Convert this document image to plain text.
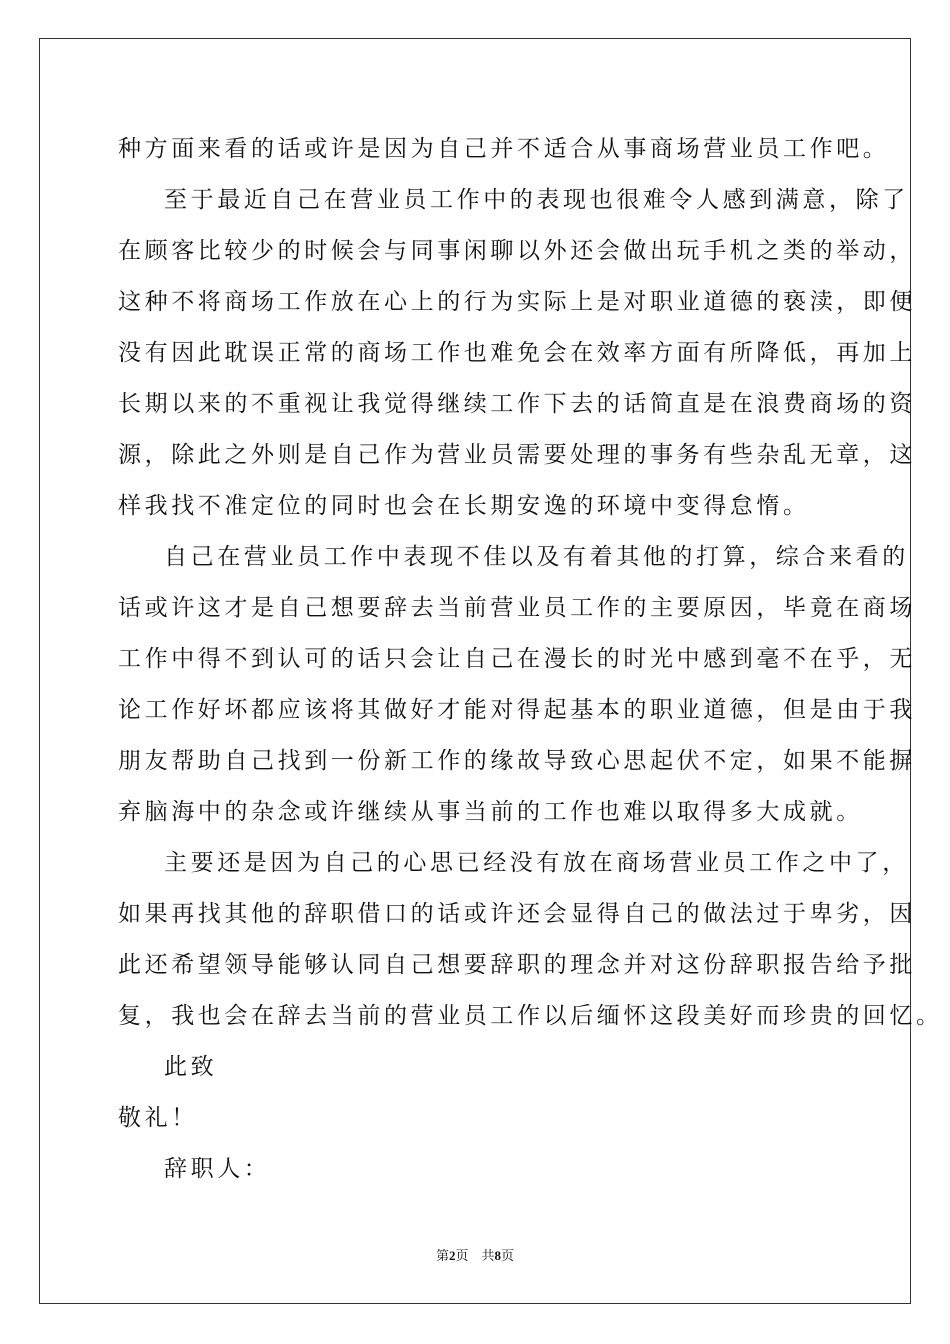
种方面来看的话或许是因为自己并不适合从事商场营业员工作吧。
至于最近自己在营业员工作中的表现也很难令人感到满意，除了
在顾客比较少的时候会与同事闲聊以外还会做出玩手机之类的举动，
这种不将商场工作放在心上的行为实际上是对职业道德的亵渎，即便
没有因此耽误正常的商场工作也难免会在效率方面有所降低，再加上
长期以来的不重视让我觉得继续工作下去的话简直是在浪费商场的资
源，除此之外则是自己作为营业员需要处理的事务有些杂乱无章，这
样我找不准定位的同时也会在长期安逸的环境中变得怠惰。
自己在营业员工作中表现不佳以及有着其他的打算，综合来看的
话或许这才是自己想要辞去当前营业员工作的主要原因，毕竟在商场
工作中得不到认可的话只会让自己在漫长的时光中感到毫不在乎，无
论工作好坏都应该将其做好才能对得起基本的职业道德，但是由于我
朋友帮助自己找到一份新工作的缘故导致心思起伏不定，如果不能摒
弃脑海中的杂念或许继续从事当前的工作也难以取得多大成就。
主要还是因为自己的心思已经没有放在商场营业员工作之中了，
如果再找其他的辞职借口的话或许还会显得自己的做法过于卑劣，因
此还希望领导能够认同自己想要辞职的理念并对这份辞职报告给予批
复，我也会在辞去当前的营业员工作以后缅怀这段美好而珍贵的回忆。
此致
敬礼！
辞职人：
第2页　共8页
